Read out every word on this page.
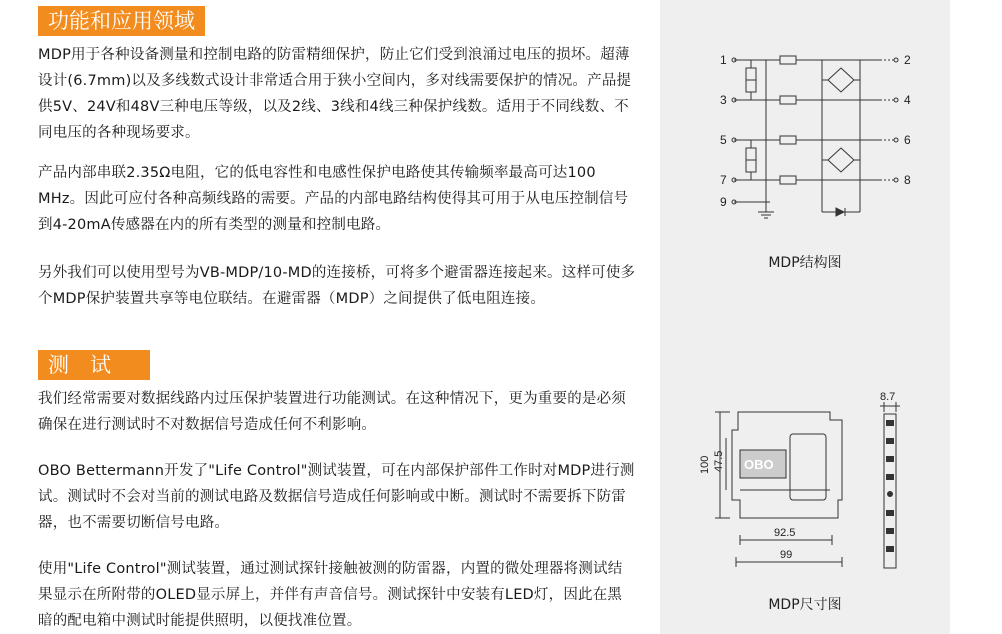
功能和应用领域

MDP用于各种设备测量和控制电路的防雷精细保护，防止它们受到浪涌过电压的损坏。超薄设计(6.7mm)以及多线数式设计非常适合用于狭小空间内，多对线需要保护的情况。产品提供5V、24V和48V三种电压等级，以及2线、3线和4线三种保护线数。适用于不同线数、不同电压的各种现场要求。

产品内部串联2.35Ω电阻，它的低电容性和电感性保护电路使其传输频率最高可达100 MHz。因此可应付各种高频线路的需要。产品的内部电路结构使得其可用于从电压控制信号到4-20mA传感器在内的所有类型的测量和控制电路。

另外我们可以使用型号为VB-MDP/10-MD的连接桥，可将多个避雷器连接起来。这样可使多个MDP保护装置共享等电位联结。在避雷器（MDP）之间提供了低电阻连接。

测　试

我们经常需要对数据线路内过压保护装置进行功能测试。在这种情况下，更为重要的是必须确保在进行测试时不对数据信号造成任何不利影响。

OBO Bettermann开发了"Life Control"测试装置，可在内部保护部件工作时对MDP进行测试。测试时不会对当前的测试电路及数据信号造成任何影响或中断。测试时不需要拆下防雷器，也不需要切断信号电路。

使用"Life Control"测试装置，通过测试探针接触被测的防雷器，内置的微处理器将测试结果显示在所附带的OLED显示屏上，并伴有声音信号。测试探针中安装有LED灯，因此在黑暗的配电箱中测试时能提供照明，以便找准位置。

1
3
5
7
9
2
4
6
8
MDP结构图
OBO
100 47.5
92.5
99
8.7
MDP尺寸图
